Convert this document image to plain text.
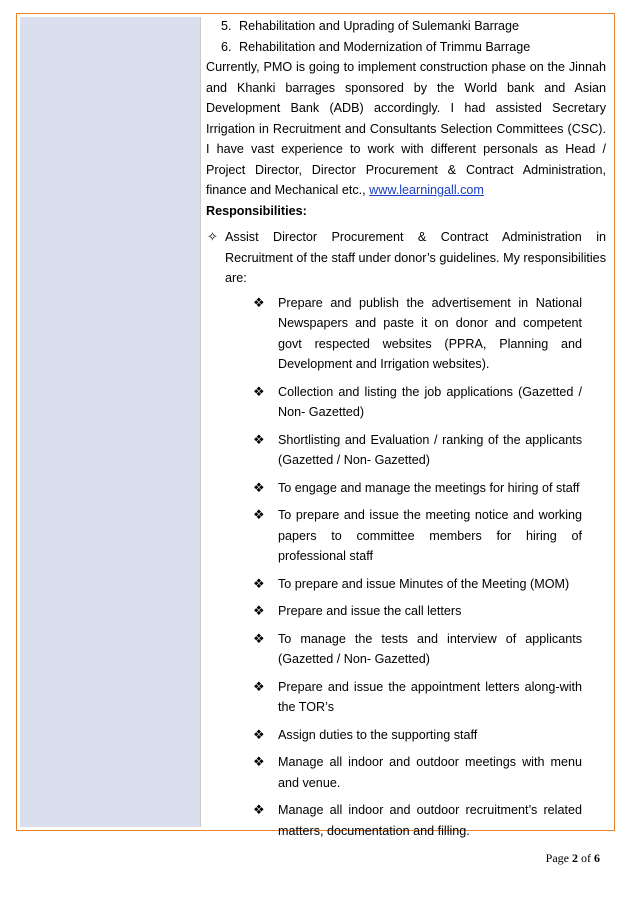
5. Rehabilitation and Uprading of Sulemanki Barrage
6. Rehabilitation and Modernization of Trimmu Barrage

Currently, PMO is going to implement construction phase on the Jinnah and Khanki barrages sponsored by the World bank and Asian Development Bank (ADB) accordingly. I had assisted Secretary Irrigation in Recruitment and Consultants Selection Committees (CSC). I have vast experience to work with different personals as Head / Project Director, Director Procurement & Contract Administration, finance and Mechanical etc., www.learningall.com

Responsibilities:

✧ Assist Director Procurement & Contract Administration in Recruitment of the staff under donor’s guidelines. My responsibilities are:
❖ Prepare and publish the advertisement in National Newspapers and paste it on donor and competent govt respected websites (PPRA, Planning and Development and Irrigation websites).
❖ Collection and listing the job applications (Gazetted / Non- Gazetted)
❖ Shortlisting and Evaluation / ranking of the applicants (Gazetted / Non- Gazetted)
❖ To engage and manage the meetings for hiring of staff
❖ To prepare and issue the meeting notice and working papers to committee members for hiring of professional staff
❖ To prepare and issue Minutes of the Meeting (MOM)
❖ Prepare and issue the call letters
❖ To manage the tests and interview of applicants (Gazetted / Non- Gazetted)
❖ Prepare and issue the appointment letters along-with the TOR’s
❖ Assign duties to the supporting staff
❖ Manage all indoor and outdoor meetings with menu and venue.
❖ Manage all indoor and outdoor recruitment’s related matters, documentation and filling.
Page 2 of 6
